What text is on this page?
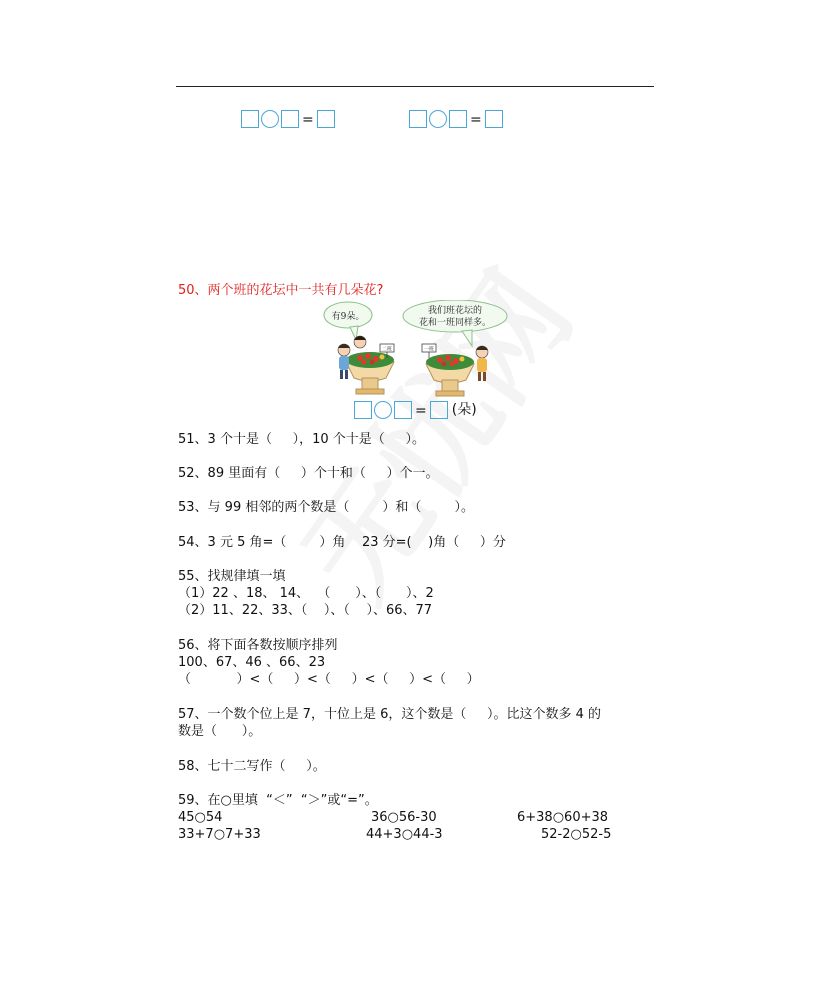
=	=
50、两个班的花坛中一共有几朵花?
有9朵。
我们班花坛的
花和一班同样多。
二班	一班
= (朵)
51、3 个十是（     ），10 个十是（     ）。
52、89 里面有（     ）个十和（     ）个一。
53、与 99 相邻的两个数是（        ）和（        ）。
54、3 元 5 角=（        ）角    23 分=(    )角（     ）分
55、找规律填一填
（1）22 、18、 14、  （      ）、（      ）、2
（2）11、22、33、（    ）、（    ）、66、77
56、将下面各数按顺序排列
100、67、46 、66、23
（           ）<（     ）<（     ）<（     ）<（     ）
57、一个数个位上是 7，十位上是 6，这个数是（     ）。比这个数多 4 的
数是（      ）。
58、七十二写作（     ）。
59、在○里填  “＜”  “＞”或“=”。
45○54	36○56-30	6+38○60+38
33+7○7+33	44+3○44-3	52-2○52-5
